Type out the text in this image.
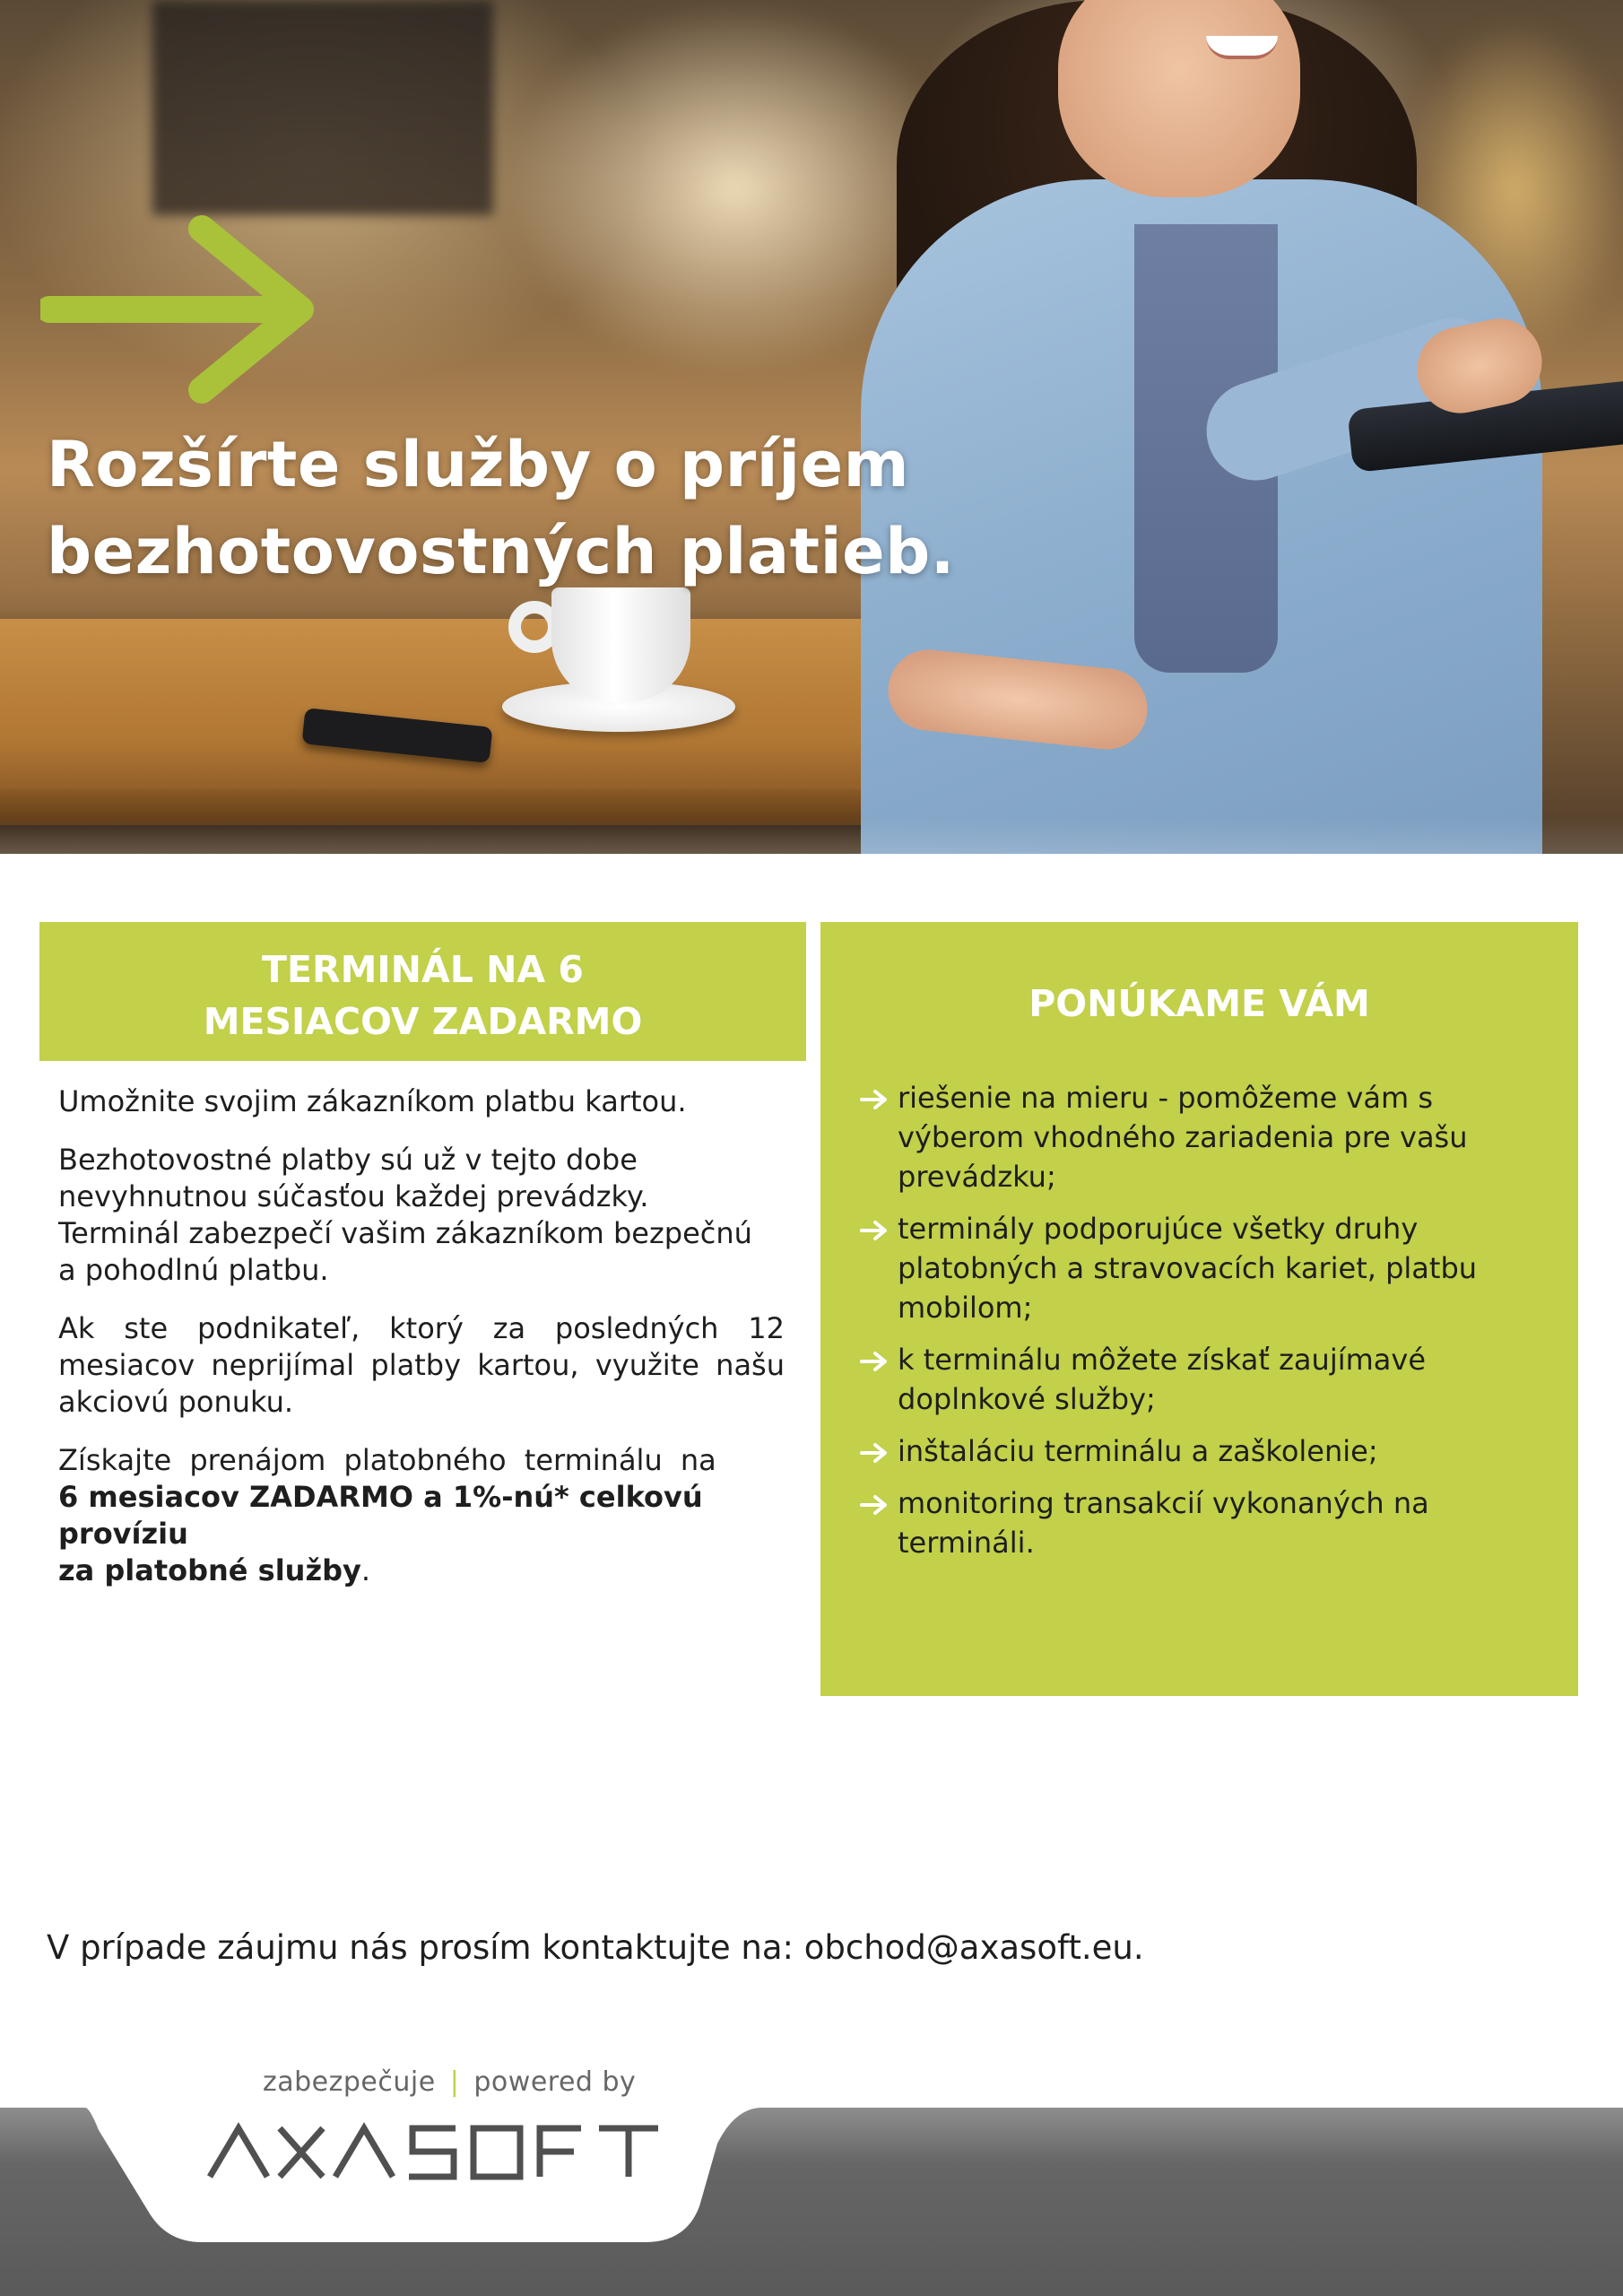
Rozšírte služby o príjem
bezhotovostných platieb.
TERMINÁL NA 6
MESIACOV ZADARMO

Umožnite svojim zákazníkom platbu kartou.

Bezhotovostné platby sú už v tejto dobe
nevyhnutnou súčasťou každej prevádzky.
Terminál zabezpečí vašim zákazníkom bezpečnú
a pohodlnú platbu.

Ak ste podnikateľ, ktorý za posledných 12
mesiacov neprijímal platby kartou, využite našu
akciovú ponuku.

Získajte prenájom platobného terminálu na
6 mesiacov ZADARMO a 1%-nú* celkovú províziu
za platobné služby.

PONÚKAME VÁM
riešenie na mieru - pomôžeme vám s
výberom vhodného zariadenia pre vašu
prevádzku;
terminály podporujúce všetky druhy
platobných a stravovacích kariet, platbu
mobilom;
k terminálu môžete získať zaujímavé
doplnkové služby;
inštaláciu terminálu a zaškolenie;
monitoring transakcií vykonaných na
termináli.
V prípade záujmu nás prosím kontaktujte na: obchod@axasoft.eu.
zabezpečuje | powered by
